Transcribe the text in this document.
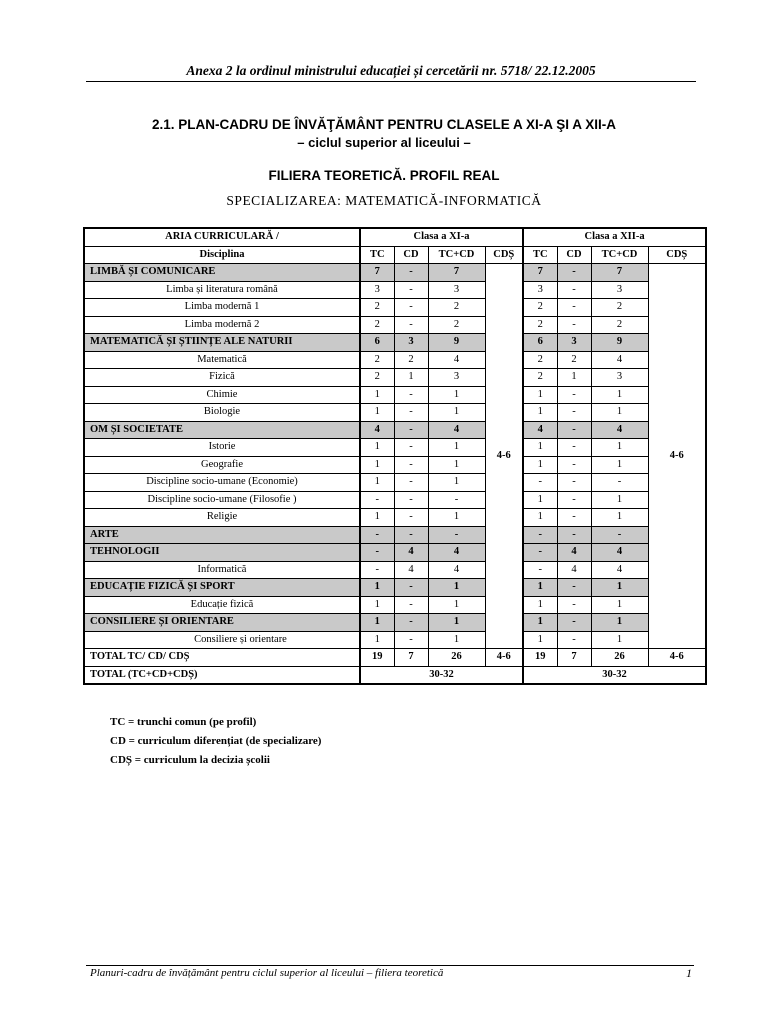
Anexa 2 la ordinul ministrului educației și cercetării nr. 5718/ 22.12.2005
2.1. PLAN-CADRU DE ÎNVĂŢĂMÂNT PENTRU CLASELE A XI-A ŞI A XII-A
– ciclul superior al liceului –
FILIERA TEORETICĂ. PROFIL REAL
SPECIALIZAREA: MATEMATICĂ-INFORMATICĂ
ARIA CURRICULARĂ /	Clasa a XI-a				Clasa a XII-a			
Disciplina	TC	CD	TC+CD	CDȘ	TC	CD	TC+CD	CDȘ
LIMBĂ ȘI COMUNICARE	7	-	7	4-6	7	-	7	4-6
Limba și literatura română	3	-	3		3	-	3	
Limba modernă 1	2	-	2		2	-	2	
Limba modernă 2	2	-	2		2	-	2	
MATEMATICĂ ȘI ȘTIINȚE ALE NATURII	6	3	9		6	3	9	
Matematică	2	2	4		2	2	4	
Fizică	2	1	3		2	1	3	
Chimie	1	-	1		1	-	1	
Biologie	1	-	1		1	-	1	
OM ȘI SOCIETATE	4	-	4		4	-	4	
Istorie	1	-	1		1	-	1	
Geografie	1	-	1		1	-	1	
Discipline socio-umane (Economie)	1	-	1		-	-	-	
Discipline socio-umane (Filosofie )	-	-	-		1	-	1	
Religie	1	-	1		1	-	1	
ARTE	-	-	-		-	-	-	
TEHNOLOGII	-	4	4		-	4	4	
Informatică	-	4	4		-	4	4	
EDUCAȚIE FIZICĂ ȘI SPORT	1	-	1		1	-	1	
Educație fizică	1	-	1		1	-	1	
CONSILIERE ȘI ORIENTARE	1	-	1		1	-	1	
Consiliere și orientare	1	-	1		1	-	1	
TOTAL TC/ CD/ CDȘ	19	7	26	4-6	19	7	26	4-6
TOTAL (TC+CD+CDȘ)	30-32				30-32			
TC = trunchi comun (pe profil)
CD = curriculum diferențiat (de specializare)
CDȘ = curriculum la decizia școlii
Planuri-cadru de învățământ pentru ciclul superior al liceului – filiera teoretică	1
